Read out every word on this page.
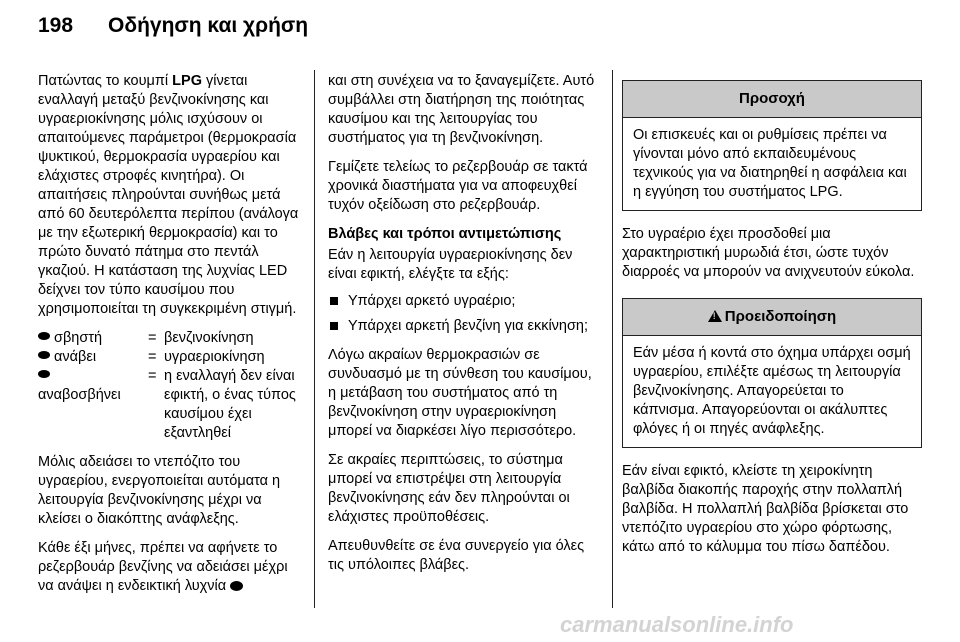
198 Οδήγηση και χρήση

Πατώντας το κουμπί LPG γίνεται εναλλαγή μεταξύ βενζινοκίνησης και υγραεριοκίνησης μόλις ισχύσουν οι απαιτούμενες παράμετροι (θερμοκρασία ψυκτικού, θερμοκρασία υγραερίου και ελάχιστες στροφές κινητήρα). Οι απαιτήσεις πληρούνται συνήθως μετά από 60 δευτερόλεπτα περίπου (ανάλογα με την εξωτερική θερμοκρασία) και το πρώτο δυνατό πάτημα στο πεντάλ γκαζιού. Η κατάσταση της λυχνίας LED δείχνει τον τύπο καυσίμου που χρησιμοποιείται τη συγκεκριμένη στιγμή.

σβηστή	= βενζινοκίνηση
ανάβει	= υγραεριοκίνηση

αναβοσβήνει
= η εναλλαγή δεν είναι εφικτή, ο ένας τύπος καυσίμου έχει εξαντληθεί

Μόλις αδειάσει το ντεπόζιτο του υγραερίου, ενεργοποιείται αυτόματα η λειτουργία βενζινοκίνησης μέχρι να κλείσει ο διακόπτης ανάφλεξης.

Κάθε έξι μήνες, πρέπει να αφήνετε το ρεζερβουάρ βενζίνης να αδειάσει μέχρι να ανάψει η ενδεικτική λυχνία

και στη συνέχεια να το ξαναγεμίζετε. Αυτό συμβάλλει στη διατήρηση της ποιότητας καυσίμου και της λειτουργίας του συστήματος για τη βενζινοκίνηση.

Γεμίζετε τελείως το ρεζερβουάρ σε τακτά χρονικά διαστήματα για να αποφευχθεί τυχόν οξείδωση στο ρεζερβουάρ.

Βλάβες και τρόποι αντιμετώπισης

Εάν η λειτουργία υγραεριοκίνησης δεν είναι εφικτή, ελέγξτε τα εξής:

Υπάρχει αρκετό υγραέριο;
Υπάρχει αρκετή βενζίνη για εκκίνηση;

Λόγω ακραίων θερμοκρασιών σε συνδυασμό με τη σύνθεση του καυσίμου, η μετάβαση του συστήματος από τη βενζινοκίνηση στην υγραεριοκίνηση μπορεί να διαρκέσει λίγο περισσότερο.

Σε ακραίες περιπτώσεις, το σύστημα μπορεί να επιστρέψει στη λειτουργία βενζινοκίνησης εάν δεν πληρούνται οι ελάχιστες προϋποθέσεις.

Απευθυνθείτε σε ένα συνεργείο για όλες τις υπόλοιπες βλάβες.

Προσοχή
Οι επισκευές και οι ρυθμίσεις πρέπει να γίνονται μόνο από εκπαιδευμένους τεχνικούς για να διατηρηθεί η ασφάλεια και η εγγύηση του συστήματος LPG.

Στο υγραέριο έχει προσδοθεί μια χαρακτηριστική μυρωδιά έτσι, ώστε τυχόν διαρροές να μπορούν να ανιχνευτούν εύκολα.

!Προειδοποίηση
Εάν μέσα ή κοντά στο όχημα υπάρχει οσμή υγραερίου, επιλέξτε αμέσως τη λειτουργία βενζινοκίνησης. Απαγορεύεται το κάπνισμα. Απαγορεύονται οι ακάλυπτες φλόγες ή οι πηγές ανάφλεξης.

Εάν είναι εφικτό, κλείστε τη χειροκίνητη βαλβίδα διακοπής παροχής στην πολλαπλή βαλβίδα. Η πολλαπλή βαλβίδα βρίσκεται στο ντεπόζιτο υγραερίου στο χώρο φόρτωσης, κάτω από το κάλυμμα του πίσω δαπέδου.

carmanualsonline.info
